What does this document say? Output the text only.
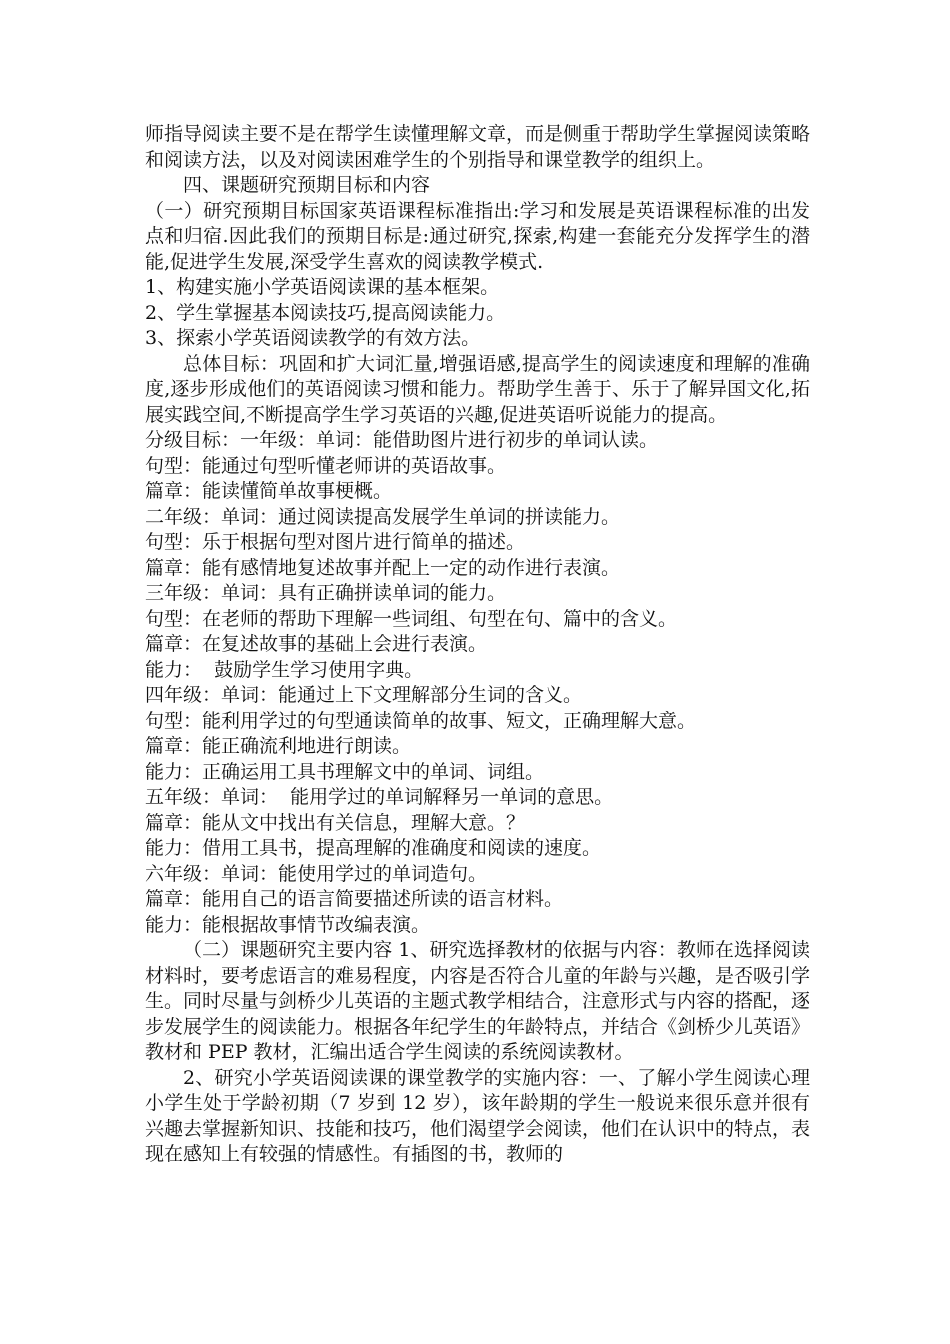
师指导阅读主要不是在帮学生读懂理解文章，而是侧重于帮助学生掌握阅读策略和阅读方法，以及对阅读困难学生的个别指导和课堂教学的组织上。

四、课题研究预期目标和内容

（一）研究预期目标国家英语课程标准指出:学习和发展是英语课程标准的出发点和归宿.因此我们的预期目标是:通过研究,探索,构建一套能充分发挥学生的潜能,促进学生发展,深受学生喜欢的阅读教学模式.

1、构建实施小学英语阅读课的基本框架。

2、学生掌握基本阅读技巧,提高阅读能力。

3、探索小学英语阅读教学的有效方法。

总体目标：巩固和扩大词汇量,增强语感,提高学生的阅读速度和理解的准确度,逐步形成他们的英语阅读习惯和能力。帮助学生善于、乐于了解异国文化,拓展实践空间,不断提高学生学习英语的兴趣,促进英语听说能力的提高。

分级目标：一年级：单词：能借助图片进行初步的单词认读。

句型：能通过句型听懂老师讲的英语故事。

篇章：能读懂简单故事梗概。

二年级：单词：通过阅读提高发展学生单词的拼读能力。

句型：乐于根据句型对图片进行简单的描述。

篇章：能有感情地复述故事并配上一定的动作进行表演。

三年级：单词：具有正确拼读单词的能力。

句型：在老师的帮助下理解一些词组、句型在句、篇中的含义。

篇章：在复述故事的基础上会进行表演。

能力：  鼓励学生学习使用字典。

四年级：单词：能通过上下文理解部分生词的含义。

句型：能利用学过的句型通读简单的故事、短文，正确理解大意。

篇章：能正确流利地进行朗读。

能力：正确运用工具书理解文中的单词、词组。

五年级：单词：  能用学过的单词解释另一单词的意思。

篇章：能从文中找出有关信息，理解大意。？

能力：借用工具书，提高理解的准确度和阅读的速度。

六年级：单词：能使用学过的单词造句。

篇章：能用自己的语言简要描述所读的语言材料。

能力：能根据故事情节改编表演。

（二）课题研究主要内容 1、研究选择教材的依据与内容：教师在选择阅读材料时，要考虑语言的难易程度，内容是否符合儿童的年龄与兴趣，是否吸引学生。同时尽量与剑桥少儿英语的主题式教学相结合，注意形式与内容的搭配，逐步发展学生的阅读能力。根据各年纪学生的年龄特点，并结合《剑桥少儿英语》教材和 PEP 教材，汇编出适合学生阅读的系统阅读教材。

2、研究小学英语阅读课的课堂教学的实施内容：一、了解小学生阅读心理    小学生处于学龄初期（7 岁到 12 岁），该年龄期的学生一般说来很乐意并很有兴趣去掌握新知识、技能和技巧，他们渴望学会阅读，他们在认识中的特点，表现在感知上有较强的情感性。有插图的书，教师的
